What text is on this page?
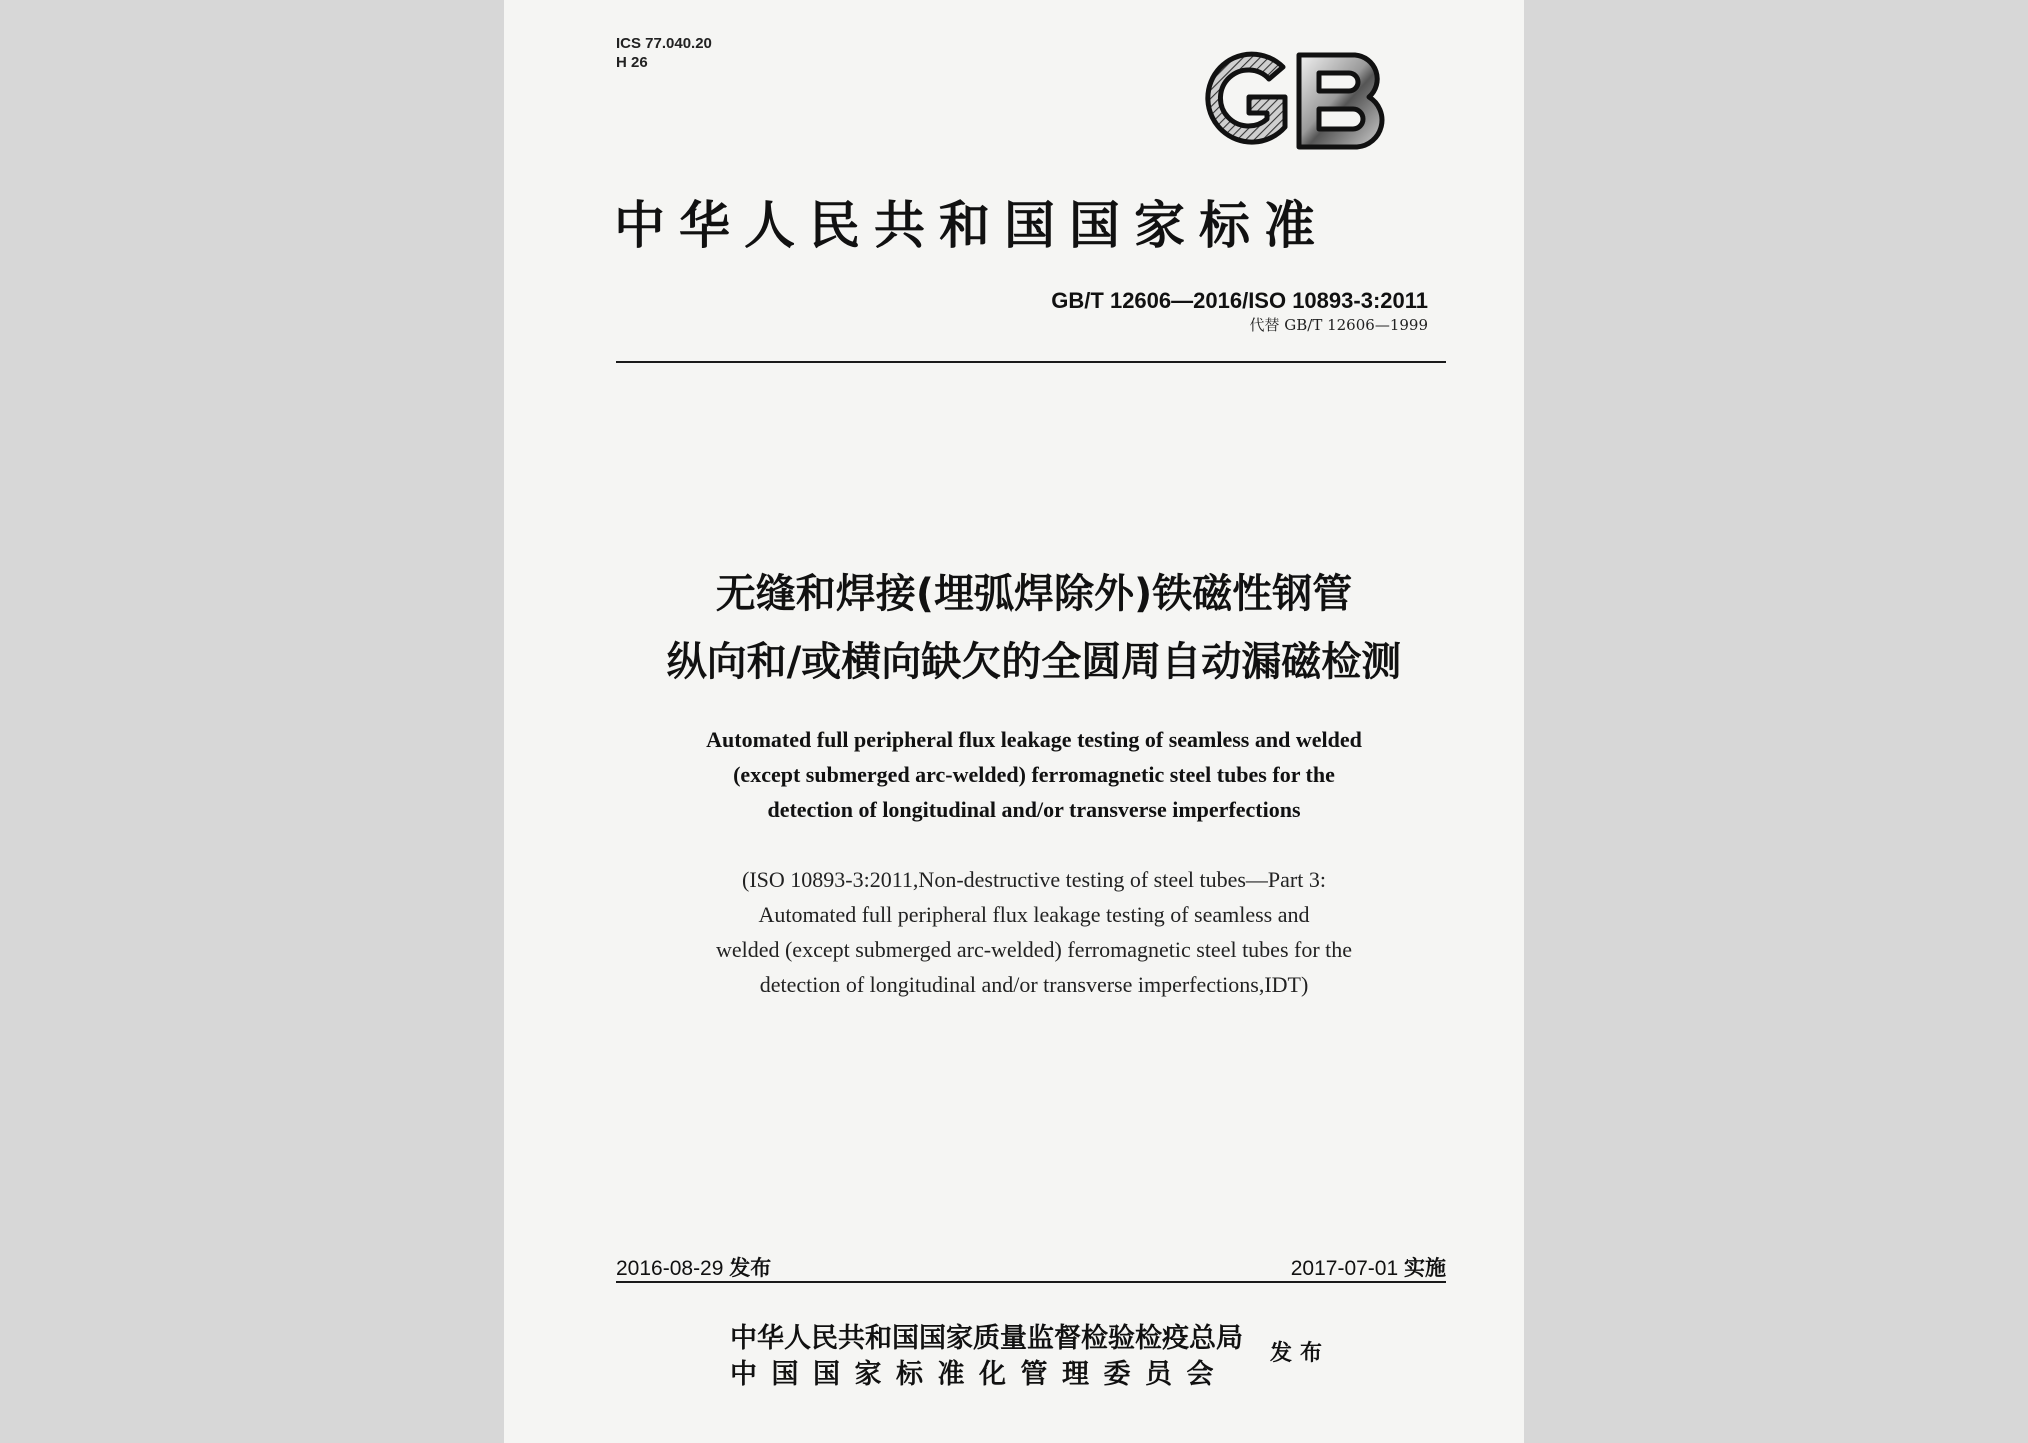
ICS 77.040.20
H 26
中华人民共和国国家标准
GB/T 12606—2016/ISO 10893-3:2011
代替 GB/T 12606—1999
无缝和焊接(埋弧焊除外)铁磁性钢管
纵向和/或横向缺欠的全圆周自动漏磁检测
Automated full peripheral flux leakage testing of seamless and welded
(except submerged arc-welded) ferromagnetic steel tubes for the
detection of longitudinal and/or transverse imperfections
(ISO 10893-3:2011,Non-destructive testing of steel tubes—Part 3:
Automated full peripheral flux leakage testing of seamless and
welded (except submerged arc-welded) ferromagnetic steel tubes for the
detection of longitudinal and/or transverse imperfections,IDT)
2016-08-29 发布	2017-07-01 实施
中华人民共和国国家质量监督检验检疫总局
中国国家标准化管理委员会
发布
